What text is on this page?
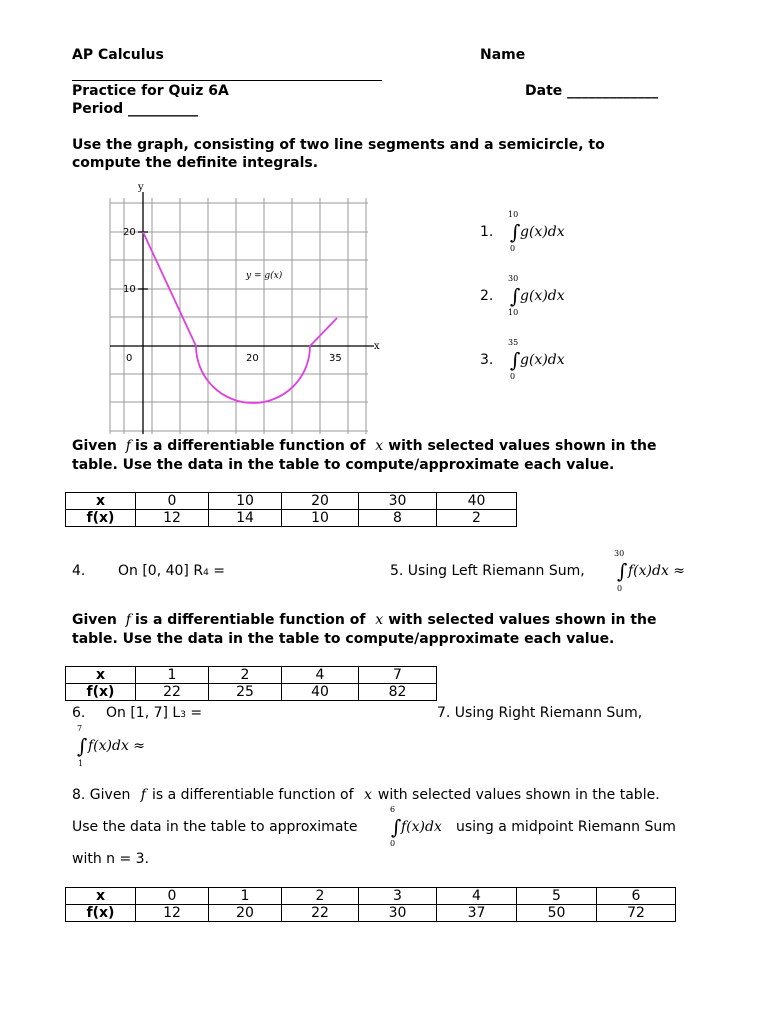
AP Calculus	Name
Practice for Quiz 6A	Date _____________
Period __________
Use the graph, consisting of two line segments and a semicircle, to
compute the definite integrals.
y
x
20
10
0	20	35
y = g(x)
1.
10
∫
0
g(x)dx
2.
30
∫
10
g(x)dx
3.
35
∫
0
g(x)dx
Given f is a differentiable function of x with selected values shown in the
table. Use the data in the table to compute/approximate each value.
x	0	10	20	30	40
f(x)	12	14	10	8	2
4. On [0, 40] R4 =	5. Using Left Riemann Sum,
30
∫
0
f(x)dx ≈
Given f is a differentiable function of x with selected values shown in the
table. Use the data in the table to compute/approximate each value.
x	1	2	4	7
f(x)	22	25	40	82
6. On [1, 7] L3 =	7. Using Right Riemann Sum,
7
∫
1
f(x)dx ≈
8. Given f is a differentiable function of x with selected values shown in the table.
Use the data in the table to approximate
6
∫
0
f(x)dx using a midpoint Riemann Sum
with n = 3.
x	0	1	2	3	4	5	6
f(x)	12	20	22	30	37	50	72
